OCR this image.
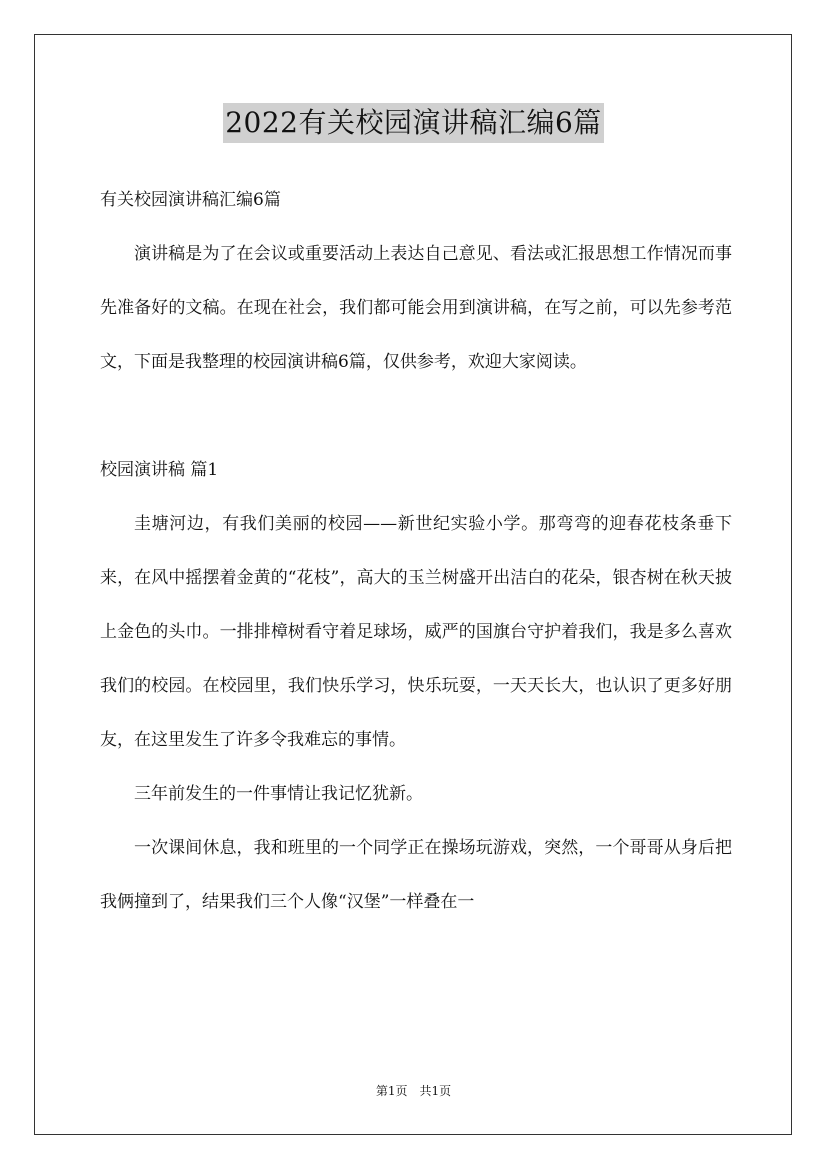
2022有关校园演讲稿汇编6篇

有关校园演讲稿汇编6篇

演讲稿是为了在会议或重要活动上表达自己意见、看法或汇报思想工作情况而事先准备好的文稿。在现在社会，我们都可能会用到演讲稿，在写之前，可以先参考范文，下面是我整理的校园演讲稿6篇，仅供参考，欢迎大家阅读。

校园演讲稿 篇1

圭塘河边，有我们美丽的校园——新世纪实验小学。那弯弯的迎春花枝条垂下来，在风中摇摆着金黄的“花枝”，高大的玉兰树盛开出洁白的花朵，银杏树在秋天披上金色的头巾。一排排樟树看守着足球场，威严的国旗台守护着我们，我是多么喜欢我们的校园。在校园里，我们快乐学习，快乐玩耍，一天天长大，也认识了更多好朋友，在这里发生了许多令我难忘的事情。

三年前发生的一件事情让我记忆犹新。

一次课间休息，我和班里的一个同学正在操场玩游戏，突然，一个哥哥从身后把我俩撞到了，结果我们三个人像“汉堡”一样叠在一

第1页　共1页
